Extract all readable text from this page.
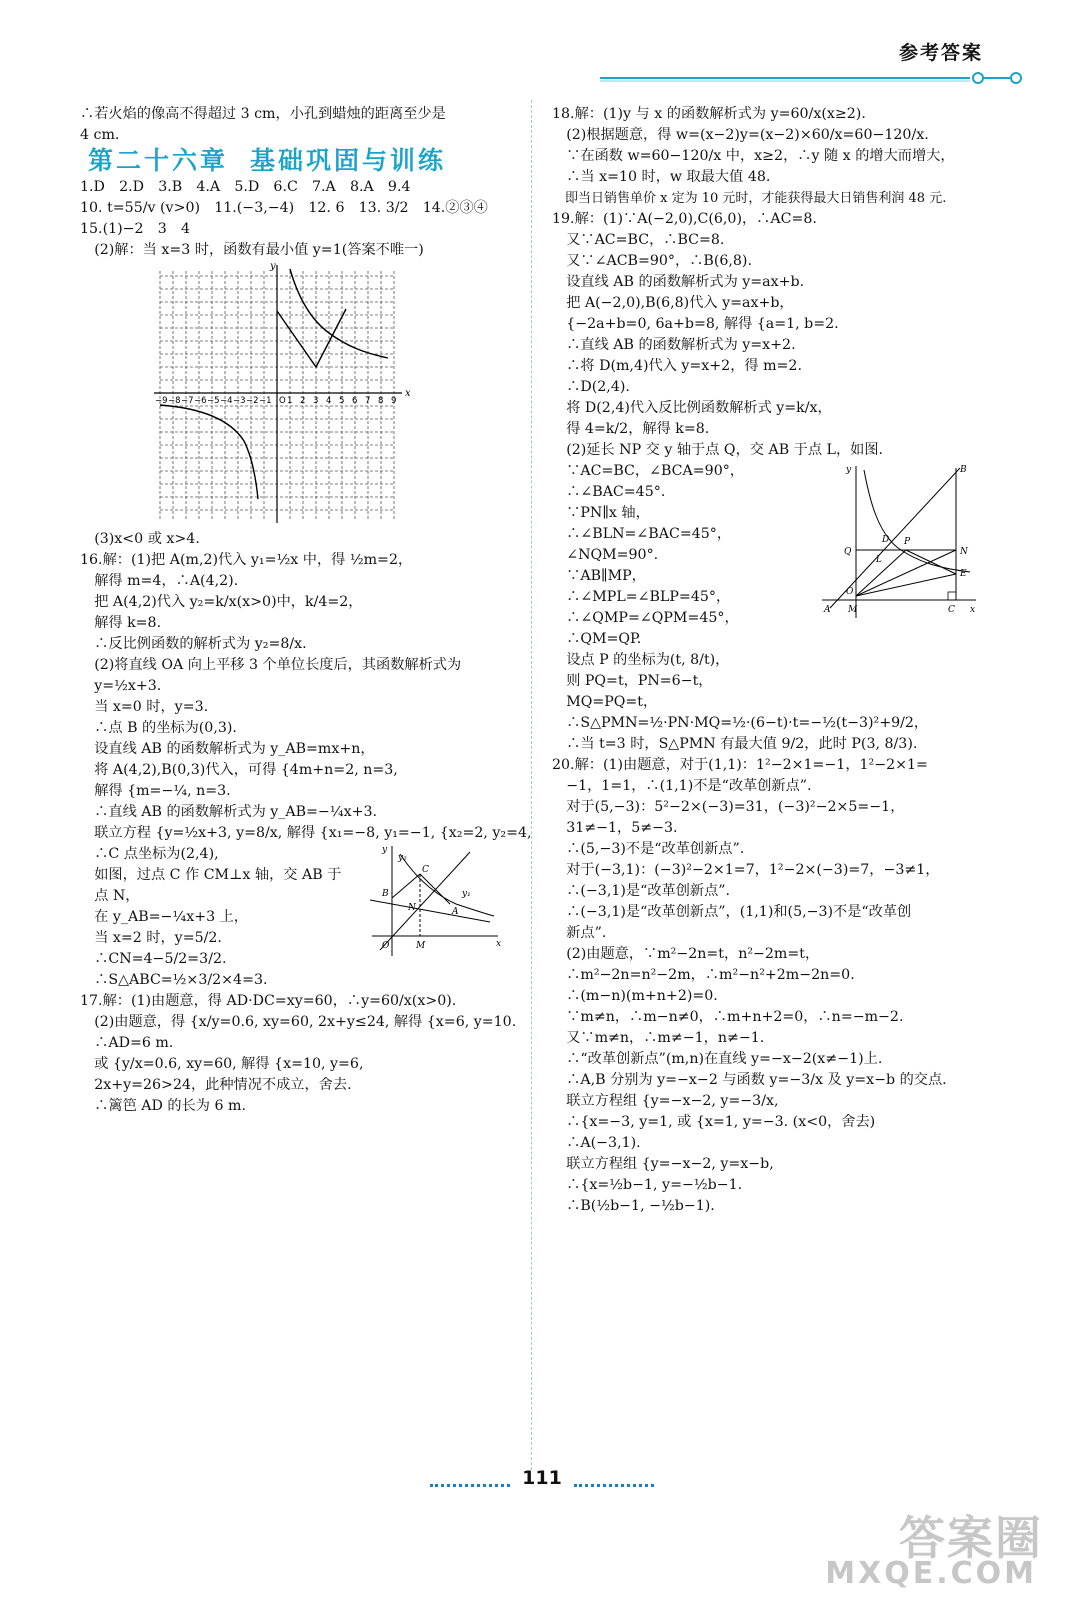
参考答案
∴若火焰的像高不得超过 3 cm，小孔到蜡烛的距离至少是
4 cm.
第二十六章 基础巩固与训练
1.D　2.D　3.B　4.A　5.D　6.C　7.A　8.A　9.4
10. t=55/v (v>0)　11.(−3,−4)　12. 6　13. 3/2　14.②③④
15.(1)−2　3　4
　(2)解：当 x=3 时，函数有最小值 y=1(答案不唯一)
x
y
−9 −8 −7 −6 −5 −4 −3 −2 −1 O 1 2 3 4 5 6 7 8 9
　(3)x<0 或 x>4.
16.解：(1)把 A(m,2)代入 y₁=½x 中，得 ½m=2，
　解得 m=4，∴A(4,2).
　把 A(4,2)代入 y₂=k/x(x>0)中，k/4=2，
　解得 k=8.
　∴反比例函数的解析式为 y₂=8/x.
　(2)将直线 OA 向上平移 3 个单位长度后，其函数解析式为
　y=½x+3.
　当 x=0 时，y=3.
　∴点 B 的坐标为(0,3).
　设直线 AB 的函数解析式为 y_AB=mx+n，
　将 A(4,2),B(0,3)代入，可得 {4m+n=2, n=3,
　解得 {m=−¼, n=3.
　∴直线 AB 的函数解析式为 y_AB=−¼x+3.
　联立方程 {y=½x+3, y=8/x, 解得 {x₁=−8, y₁=−1, {x₂=2, y₂=4,
　∴C 点坐标为(2,4),
　如图，过点 C 作 CM⊥x 轴，交 AB 于
　点 N，
　在 y_AB=−¼x+3 上，
　当 x=2 时，y=5/2.
　∴CN=4−5/2=3/2.
　∴S△ABC=½×3/2×4=3.
y
C
y₁
B
N	A
y₂
O	M	x
17.解：(1)由题意，得 AD·DC=xy=60，∴y=60/x(x>0).
　(2)由题意，得 {x/y=0.6, xy=60, 2x+y≤24, 解得 {x=6, y=10.
　∴AD=6 m.
　或 {y/x=0.6, xy=60, 解得 {x=10, y=6,
　2x+y=26>24，此种情况不成立，舍去.
　∴篱笆 AD 的长为 6 m.
18.解：(1)y 与 x 的函数解析式为 y=60/x(x≥2).
　(2)根据题意，得 w=(x−2)y=(x−2)×60/x=60−120/x.
　∵在函数 w=60−120/x 中，x≥2，∴y 随 x 的增大而增大，
　∴当 x=10 时，w 取最大值 48.
　即当日销售单价 x 定为 10 元时，才能获得最大日销售利润 48 元.
19.解：(1)∵A(−2,0),C(6,0)，∴AC=8.
　又∵AC=BC，∴BC=8.
　又∵∠ACB=90°，∴B(6,8).
　设直线 AB 的函数解析式为 y=ax+b.
　把 A(−2,0),B(6,8)代入 y=ax+b，
　{−2a+b=0, 6a+b=8, 解得 {a=1, b=2.
　∴直线 AB 的函数解析式为 y=x+2.
　∴将 D(m,4)代入 y=x+2，得 m=2.
　∴D(2,4).
　将 D(2,4)代入反比例函数解析式 y=k/x，
　得 4=k/2，解得 k=8.
　(2)延长 NP 交 y 轴于点 Q，交 AB 于点 L，如图.
　∵AC=BC，∠BCA=90°，
　∴∠BAC=45°.
　∵PN∥x 轴，
　∴∠BLN=∠BAC=45°，
　∠NQM=90°.
　∵AB∥MP，
　∴∠MPL=∠BLP=45°，
　∴∠QMP=∠QPM=45°，
　∴QM=QP.
y	B
D P
Q
L
N
E
O
M
A	C x
　设点 P 的坐标为(t, 8/t)，
　则 PQ=t，PN=6−t，
　MQ=PQ=t，
　∴S△PMN=½·PN·MQ=½·(6−t)·t=−½(t−3)²+9/2，
　∴当 t=3 时，S△PMN 有最大值 9/2，此时 P(3, 8/3).
20.解：(1)由题意，对于(1,1)：1²−2×1=−1，1²−2×1=
　−1，1=1，∴(1,1)不是“改革创新点”.
　对于(5,−3)：5²−2×(−3)=31，(−3)²−2×5=−1，
　31≠−1，5≠−3.
　∴(5,−3)不是“改革创新点”.
　对于(−3,1)：(−3)²−2×1=7，1²−2×(−3)=7，−3≠1，
　∴(−3,1)是“改革创新点”.
　∴(−3,1)是“改革创新点”，(1,1)和(5,−3)不是“改革创
　新点”.
　(2)由题意，∵m²−2n=t，n²−2m=t，
　∴m²−2n=n²−2m，∴m²−n²+2m−2n=0.
　∴(m−n)(m+n+2)=0.
　∵m≠n，∴m−n≠0，∴m+n+2=0，∴n=−m−2.
　又∵m≠n，∴m≠−1，n≠−1.
　∴“改革创新点”(m,n)在直线 y=−x−2(x≠−1)上.
　∴A,B 分别为 y=−x−2 与函数 y=−3/x 及 y=x−b 的交点.
　联立方程组 {y=−x−2, y=−3/x,
　∴{x=−3, y=1, 或 {x=1, y=−3. (x<0，舍去)
　∴A(−3,1).
　联立方程组 {y=−x−2, y=x−b,
　∴{x=½b−1, y=−½b−1.
　∴B(½b−1, −½b−1).
111
答案圈
MXQE.COM
